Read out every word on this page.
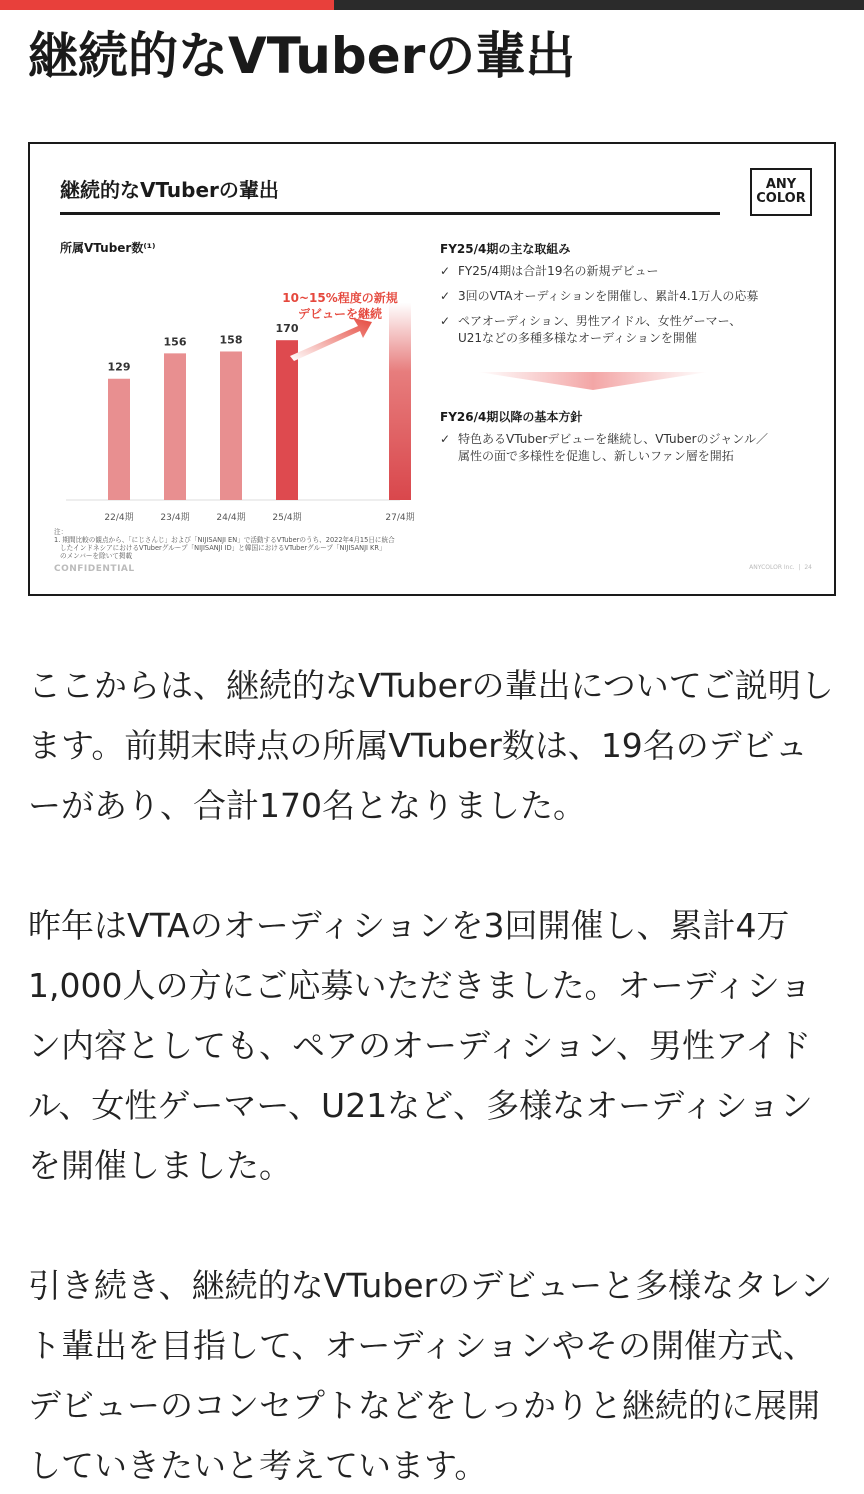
継続的なVTuberの輩出
継続的なVTuberの輩出	ANY
COLOR
所属VTuber数⁽¹⁾
129
22/4期
156
23/4期
158
24/4期
170
25/4期	27/4期
10~15%程度の新規
デビューを継続
FY25/4期の主な取組み
✓ FY25/4期は合計19名の新規デビュー
✓ 3回のVTAオーディションを開催し、累計4.1万人の応募
✓ ペアオーディション、男性アイドル、女性ゲーマー、
U21などの多種多様なオーディションを開催
FY26/4期以降の基本方針
✓ 特色あるVTuberデビューを継続し、VTuberのジャンル／
属性の面で多様性を促進し、新しいファン層を開拓
注：
1. 期間比較の観点から、「にじさんじ」および「NIJISANJI EN」で活動するVTuberのうち、2022年4月15日に統合
したインドネシアにおけるVTuberグループ「NIJISANJI ID」と韓国におけるVTuberグループ「NIJISANJI KR」
のメンバーを除いて掲載
CONFIDENTIAL	ANYCOLOR Inc.  |  24

ここからは、継続的なVTuberの輩出についてご説明します。前期末時点の所属VTuber数は、19名のデビューがあり、合計170名となりました。

昨年はVTAのオーディションを3回開催し、累計4万1,000人の方にご応募いただきました。オーディション内容としても、ペアのオーディション、男性アイドル、女性ゲーマー、U21など、多様なオーディションを開催しました。

引き続き、継続的なVTuberのデビューと多様なタレント輩出を目指して、オーディションやその開催方式、デビューのコンセプトなどをしっかりと継続的に展開していきたいと考えています。
